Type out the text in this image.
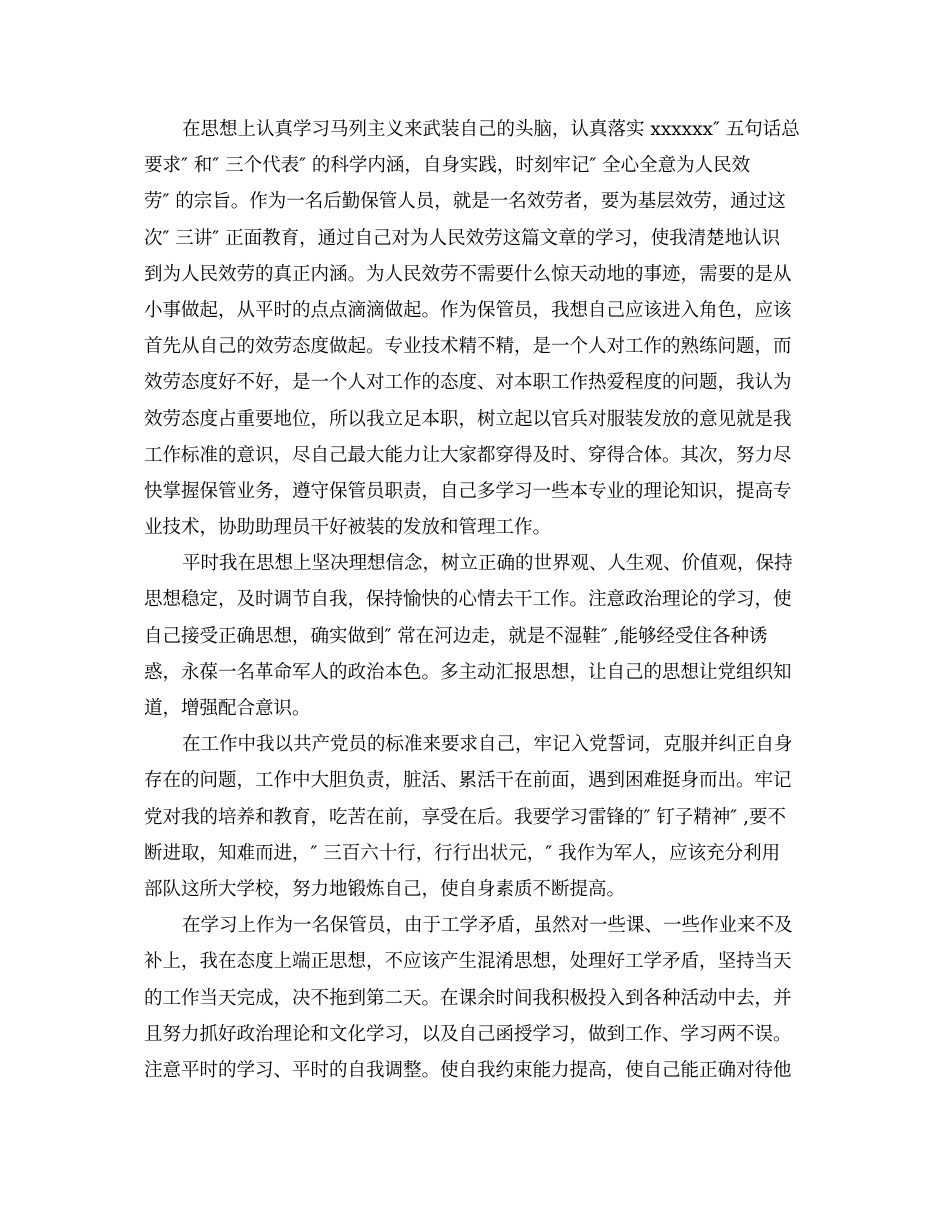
在思想上认真学习马列主义来武装自己的头脑，认真落实 xxxxxx″ 五句话总
要求″ 和″ 三个代表″ 的科学内涵，自身实践，时刻牢记″ 全心全意为人民效
劳″ 的宗旨。作为一名后勤保管人员，就是一名效劳者，要为基层效劳，通过这
次″ 三讲″ 正面教育，通过自己对为人民效劳这篇文章的学习，使我清楚地认识
到为人民效劳的真正内涵。为人民效劳不需要什么惊天动地的事迹，需要的是从
小事做起，从平时的点点滴滴做起。作为保管员，我想自己应该进入角色，应该
首先从自己的效劳态度做起。专业技术精不精，是一个人对工作的熟练问题，而
效劳态度好不好，是一个人对工作的态度、对本职工作热爱程度的问题，我认为
效劳态度占重要地位，所以我立足本职，树立起以官兵对服装发放的意见就是我
工作标准的意识，尽自己最大能力让大家都穿得及时、穿得合体。其次，努力尽
快掌握保管业务，遵守保管员职责，自己多学习一些本专业的理论知识，提高专
业技术，协助助理员干好被装的发放和管理工作。

平时我在思想上坚决理想信念，树立正确的世界观、人生观、价值观，保持
思想稳定，及时调节自我，保持愉快的心情去干工作。注意政治理论的学习，使
自己接受正确思想，确实做到″ 常在河边走，就是不湿鞋″ ,能够经受住各种诱
惑，永葆一名革命军人的政治本色。多主动汇报思想，让自己的思想让党组织知
道，增强配合意识。

在工作中我以共产党员的标准来要求自己，牢记入党誓词，克服并纠正自身
存在的问题，工作中大胆负责，脏活、累活干在前面，遇到困难挺身而出。牢记
党对我的培养和教育，吃苦在前，享受在后。我要学习雷锋的″ 钉子精神″ ,要不
断进取，知难而进，″ 三百六十行，行行出状元，″ 我作为军人，应该充分利用
部队这所大学校，努力地锻炼自己，使自身素质不断提高。

在学习上作为一名保管员，由于工学矛盾，虽然对一些课、一些作业来不及
补上，我在态度上端正思想，不应该产生混淆思想，处理好工学矛盾，坚持当天
的工作当天完成，决不拖到第二天。在课余时间我积极投入到各种活动中去，并
且努力抓好政治理论和文化学习，以及自己函授学习，做到工作、学习两不误。
注意平时的学习、平时的自我调整。使自我约束能力提高，使自己能正确对待他
